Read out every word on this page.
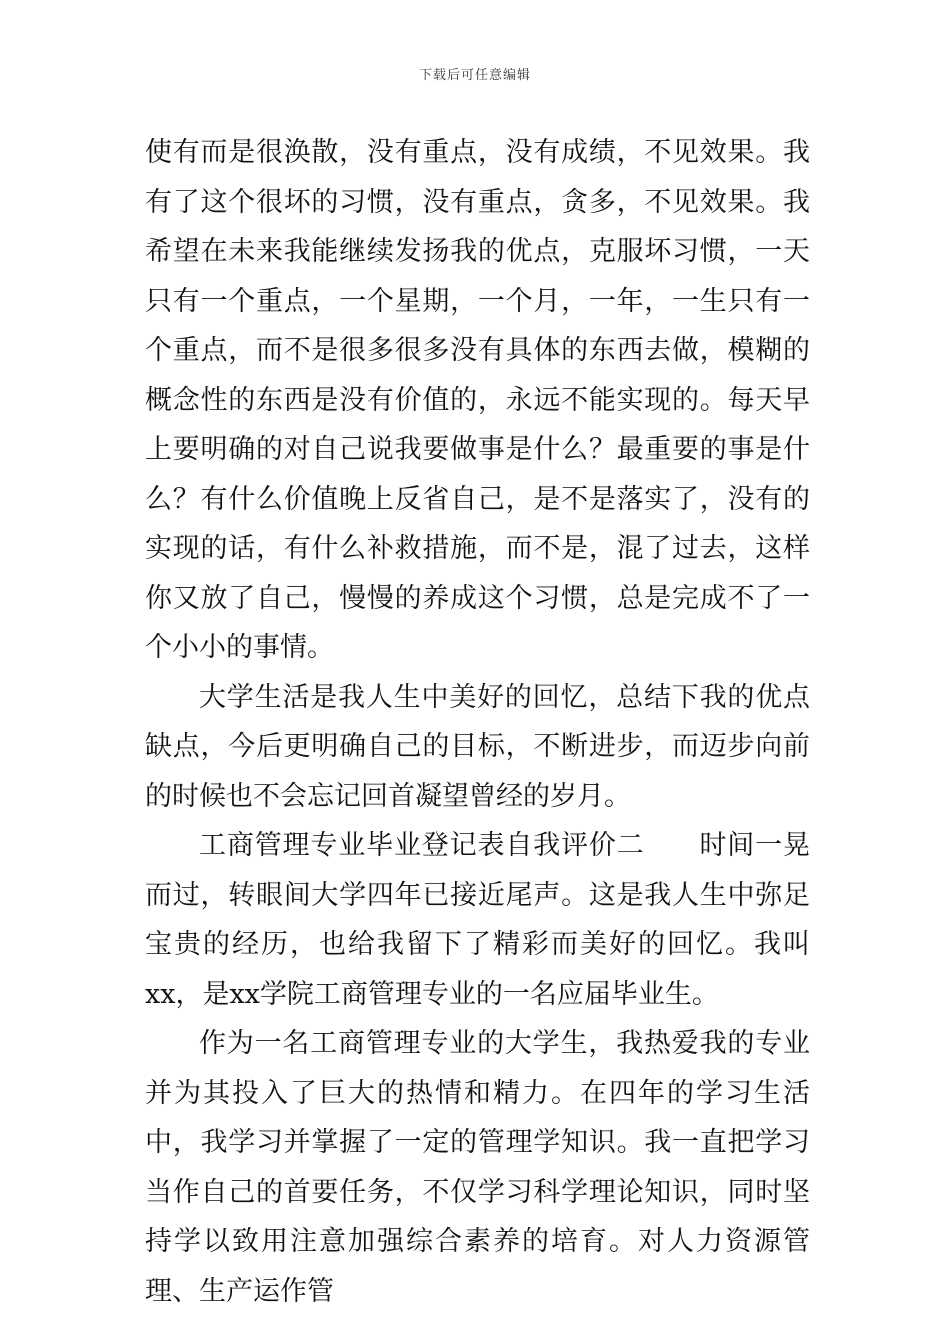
下载后可任意编辑

使有而是很涣散，没有重点，没有成绩，不见效果。我有了这个很坏的习惯，没有重点，贪多，不见效果。我希望在未来我能继续发扬我的优点，克服坏习惯，一天只有一个重点，一个星期，一个月，一年，一生只有一个重点，而不是很多很多没有具体的东西去做，模糊的概念性的东西是没有价值的，永远不能实现的。每天早上要明确的对自己说我要做事是什么？最重要的事是什么？有什么价值晚上反省自己，是不是落实了，没有的实现的话，有什么补救措施，而不是，混了过去，这样你又放了自己，慢慢的养成这个习惯，总是完成不了一个小小的事情。

大学生活是我人生中美好的回忆，总结下我的优点缺点，今后更明确自己的目标，不断进步，而迈步向前的时候也不会忘记回首凝望曾经的岁月。

工商管理专业毕业登记表自我评价二 时间一晃而过，转眼间大学四年已接近尾声。这是我人生中弥足宝贵的经历，也给我留下了精彩而美好的回忆。我叫xx，是xx学院工商管理专业的一名应届毕业生。

作为一名工商管理专业的大学生，我热爱我的专业并为其投入了巨大的热情和精力。在四年的学习生活中，我学习并掌握了一定的管理学知识。我一直把学习当作自己的首要任务，不仅学习科学理论知识，同时坚持学以致用注意加强综合素养的培育。对人力资源管理、生产运作管
